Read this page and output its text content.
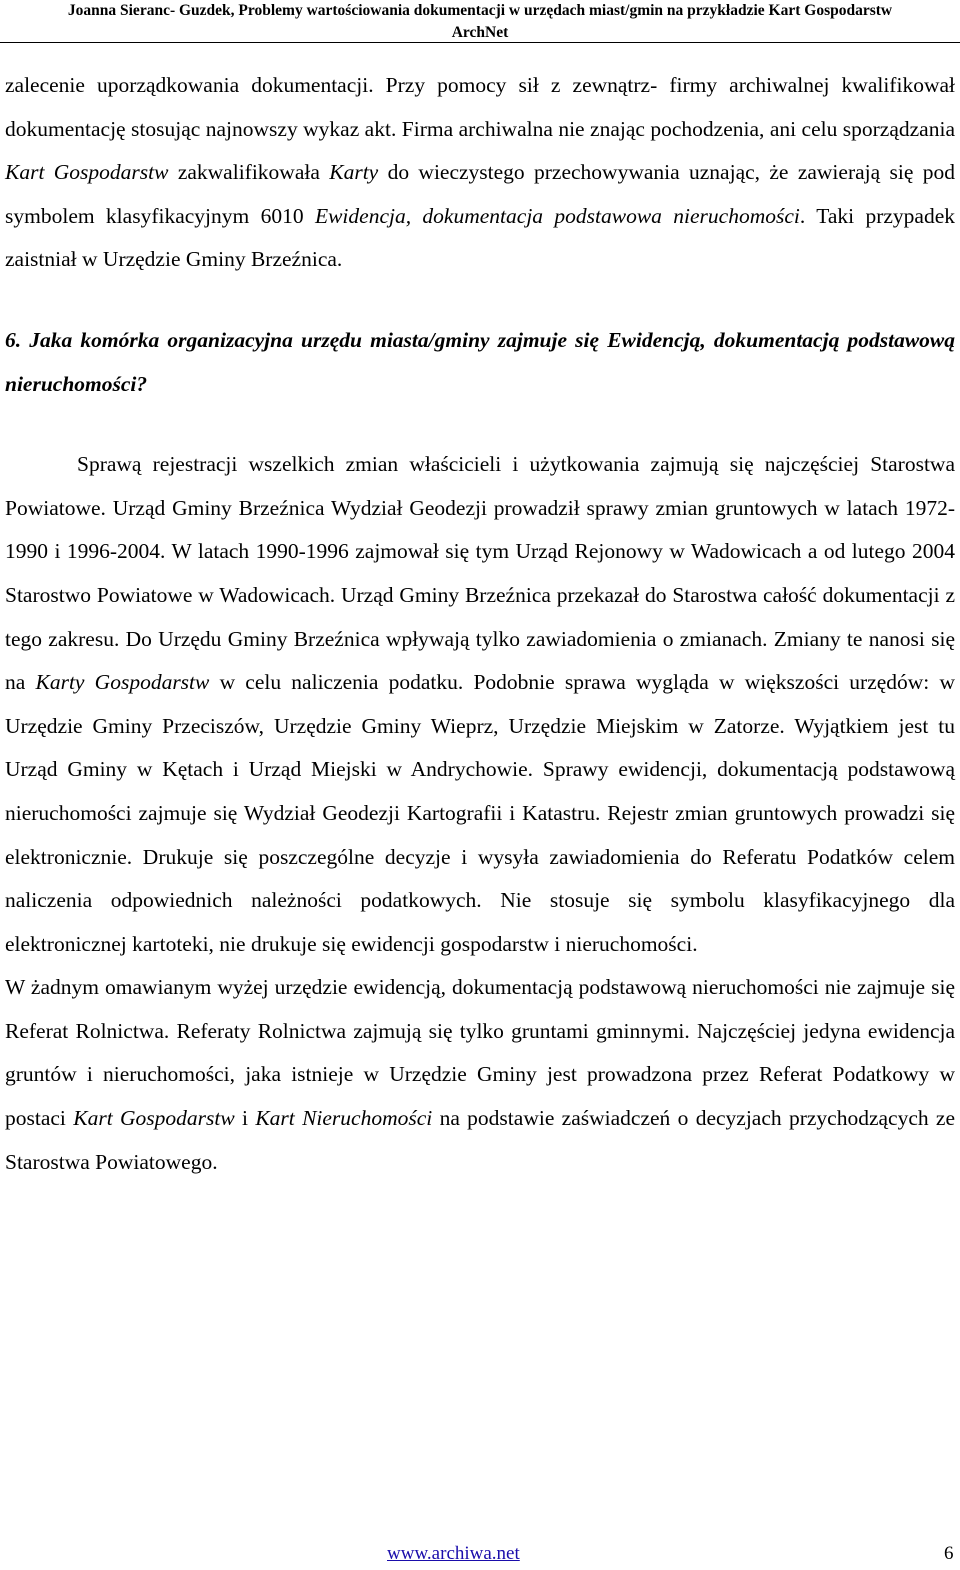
Joanna Sieranc- Guzdek, Problemy wartościowania dokumentacji w urzędach miast/gmin na przykładzie Kart Gospodarstw
ArchNet

zalecenie uporządkowania dokumentacji. Przy pomocy sił z zewnątrz- firmy archiwalnej kwalifikował dokumentację stosując najnowszy wykaz akt. Firma archiwalna nie znając pochodzenia, ani celu sporządzania Kart Gospodarstw zakwalifikowała Karty do wieczystego przechowywania uznając, że zawierają się pod symbolem klasyfikacyjnym 6010 Ewidencja, dokumentacja podstawowa nieruchomości. Taki przypadek zaistniał w Urzędzie Gminy Brzeźnica.

6. Jaka komórka organizacyjna urzędu miasta/gminy zajmuje się Ewidencją, dokumentacją podstawową nieruchomości?

Sprawą rejestracji wszelkich zmian właścicieli i użytkowania zajmują się najczęściej Starostwa Powiatowe. Urząd Gminy Brzeźnica Wydział Geodezji prowadził sprawy zmian gruntowych w latach 1972-1990 i 1996-2004. W latach 1990-1996 zajmował się tym Urząd Rejonowy w Wadowicach a od lutego 2004 Starostwo Powiatowe w Wadowicach. Urząd Gminy Brzeźnica przekazał do Starostwa całość dokumentacji z tego zakresu. Do Urzędu Gminy Brzeźnica wpływają tylko zawiadomienia o zmianach. Zmiany te nanosi się na Karty Gospodarstw w celu naliczenia podatku. Podobnie sprawa wygląda w większości urzędów: w Urzędzie Gminy Przeciszów, Urzędzie Gminy Wieprz, Urzędzie Miejskim w Zatorze. Wyjątkiem jest tu Urząd Gminy w Kętach i Urząd Miejski w Andrychowie. Sprawy ewidencji, dokumentacją podstawową nieruchomości zajmuje się Wydział Geodezji Kartografii i Katastru. Rejestr zmian gruntowych prowadzi się elektronicznie. Drukuje się poszczególne decyzje i wysyła zawiadomienia do Referatu Podatków celem naliczenia odpowiednich należności podatkowych. Nie stosuje się symbolu klasyfikacyjnego dla elektronicznej kartoteki, nie drukuje się ewidencji gospodarstw i nieruchomości.

W żadnym omawianym wyżej urzędzie ewidencją, dokumentacją podstawową nieruchomości nie zajmuje się Referat Rolnictwa. Referaty Rolnictwa zajmują się tylko gruntami gminnymi. Najczęściej jedyna ewidencja gruntów i nieruchomości, jaka istnieje w Urzędzie Gminy jest prowadzona przez Referat Podatkowy w postaci Kart Gospodarstw i Kart Nieruchomości na podstawie zaświadczeń o decyzjach przychodzących ze Starostwa Powiatowego.

www.archiwa.net	6
